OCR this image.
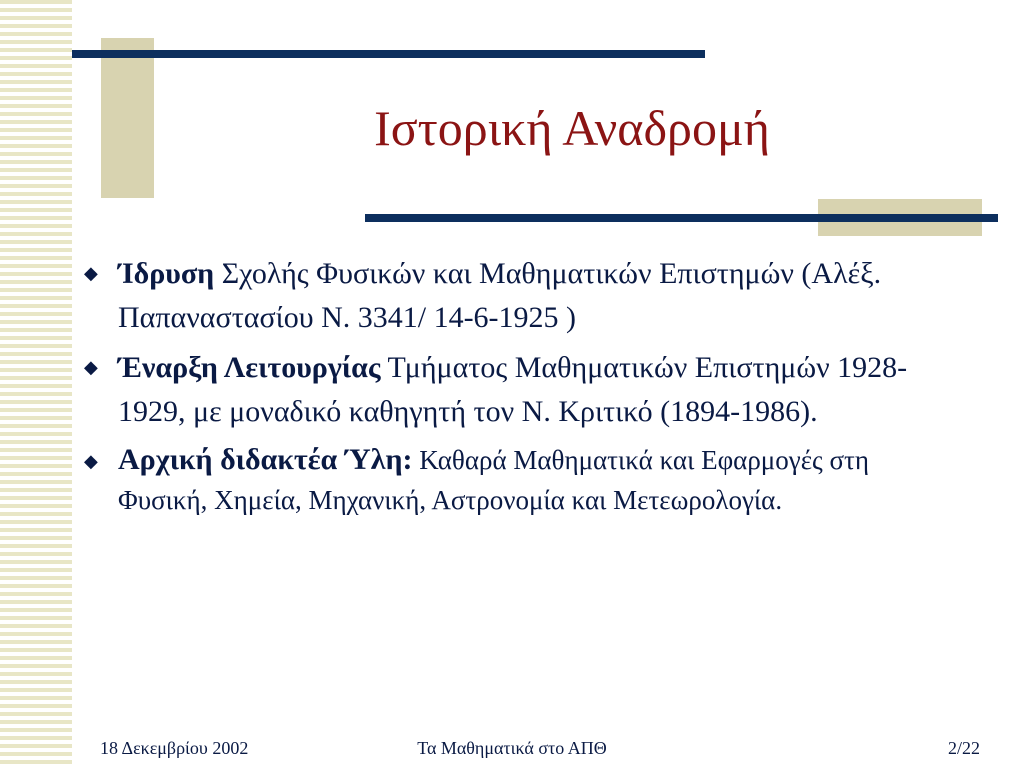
Ιστορική Αναδρομή
◆ Ίδρυση Σχολής Φυσικών και Μαθηματικών Επιστημών (Αλέξ. Παπαναστασίου Ν. 3341/ 14-6-1925 )
◆ Έναρξη Λειτουργίας Τμήματος Μαθηματικών Επιστημών 1928-1929, με μοναδικό καθηγητή τον Ν. Κριτικό (1894-1986).
◆ Αρχική διδακτέα Ύλη: Καθαρά Μαθηματικά και Εφαρμογές στη Φυσική, Χημεία, Μηχανική, Αστρονομία και Μετεωρολογία.
18 Δεκεμβρίου 2002	Τα Μαθηματικά στο ΑΠΘ	2/22
